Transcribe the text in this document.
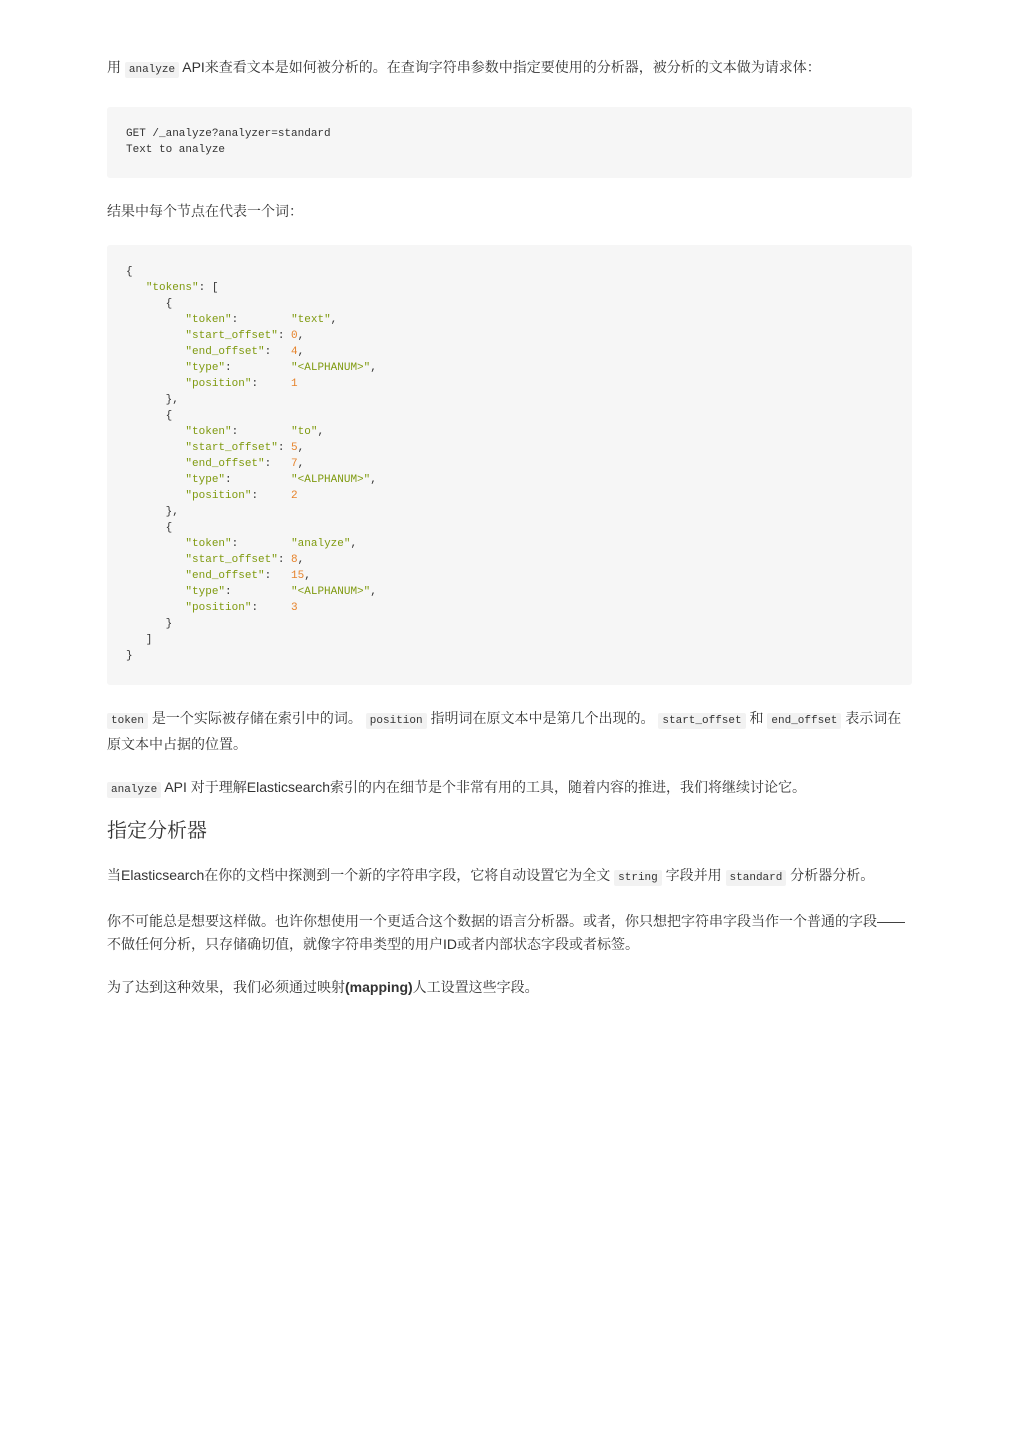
用 analyze API来查看文本是如何被分析的。在查询字符串参数中指定要使用的分析器，被分析的文本做为请求体：

GET /_analyze?analyzer=standard
Text to analyze

结果中每个节点在代表一个词：

{
"tokens": [
{
"token":        "text",
"start_offset": 0,
"end_offset":   4,
"type":         "<ALPHANUM>",
"position":     1
},
{
"token":        "to",
"start_offset": 5,
"end_offset":   7,
"type":         "<ALPHANUM>",
"position":     2
},
{
"token":        "analyze",
"start_offset": 8,
"end_offset":   15,
"type":         "<ALPHANUM>",
"position":     3
}
]
}

token 是一个实际被存储在索引中的词。 position 指明词在原文本中是第几个出现的。 start_offset 和 end_offset 表示词在原文本中占据的位置。

analyze API 对于理解Elasticsearch索引的内在细节是个非常有用的工具，随着内容的推进，我们将继续讨论它。

指定分析器

当Elasticsearch在你的文档中探测到一个新的字符串字段，它将自动设置它为全文 string 字段并用 standard 分析器分析。

你不可能总是想要这样做。也许你想使用一个更适合这个数据的语言分析器。或者，你只想把字符串字段当作一个普通的字段——不做任何分析，只存储确切值，就像字符串类型的用户ID或者内部状态字段或者标签。

为了达到这种效果，我们必须通过映射(mapping)人工设置这些字段。
